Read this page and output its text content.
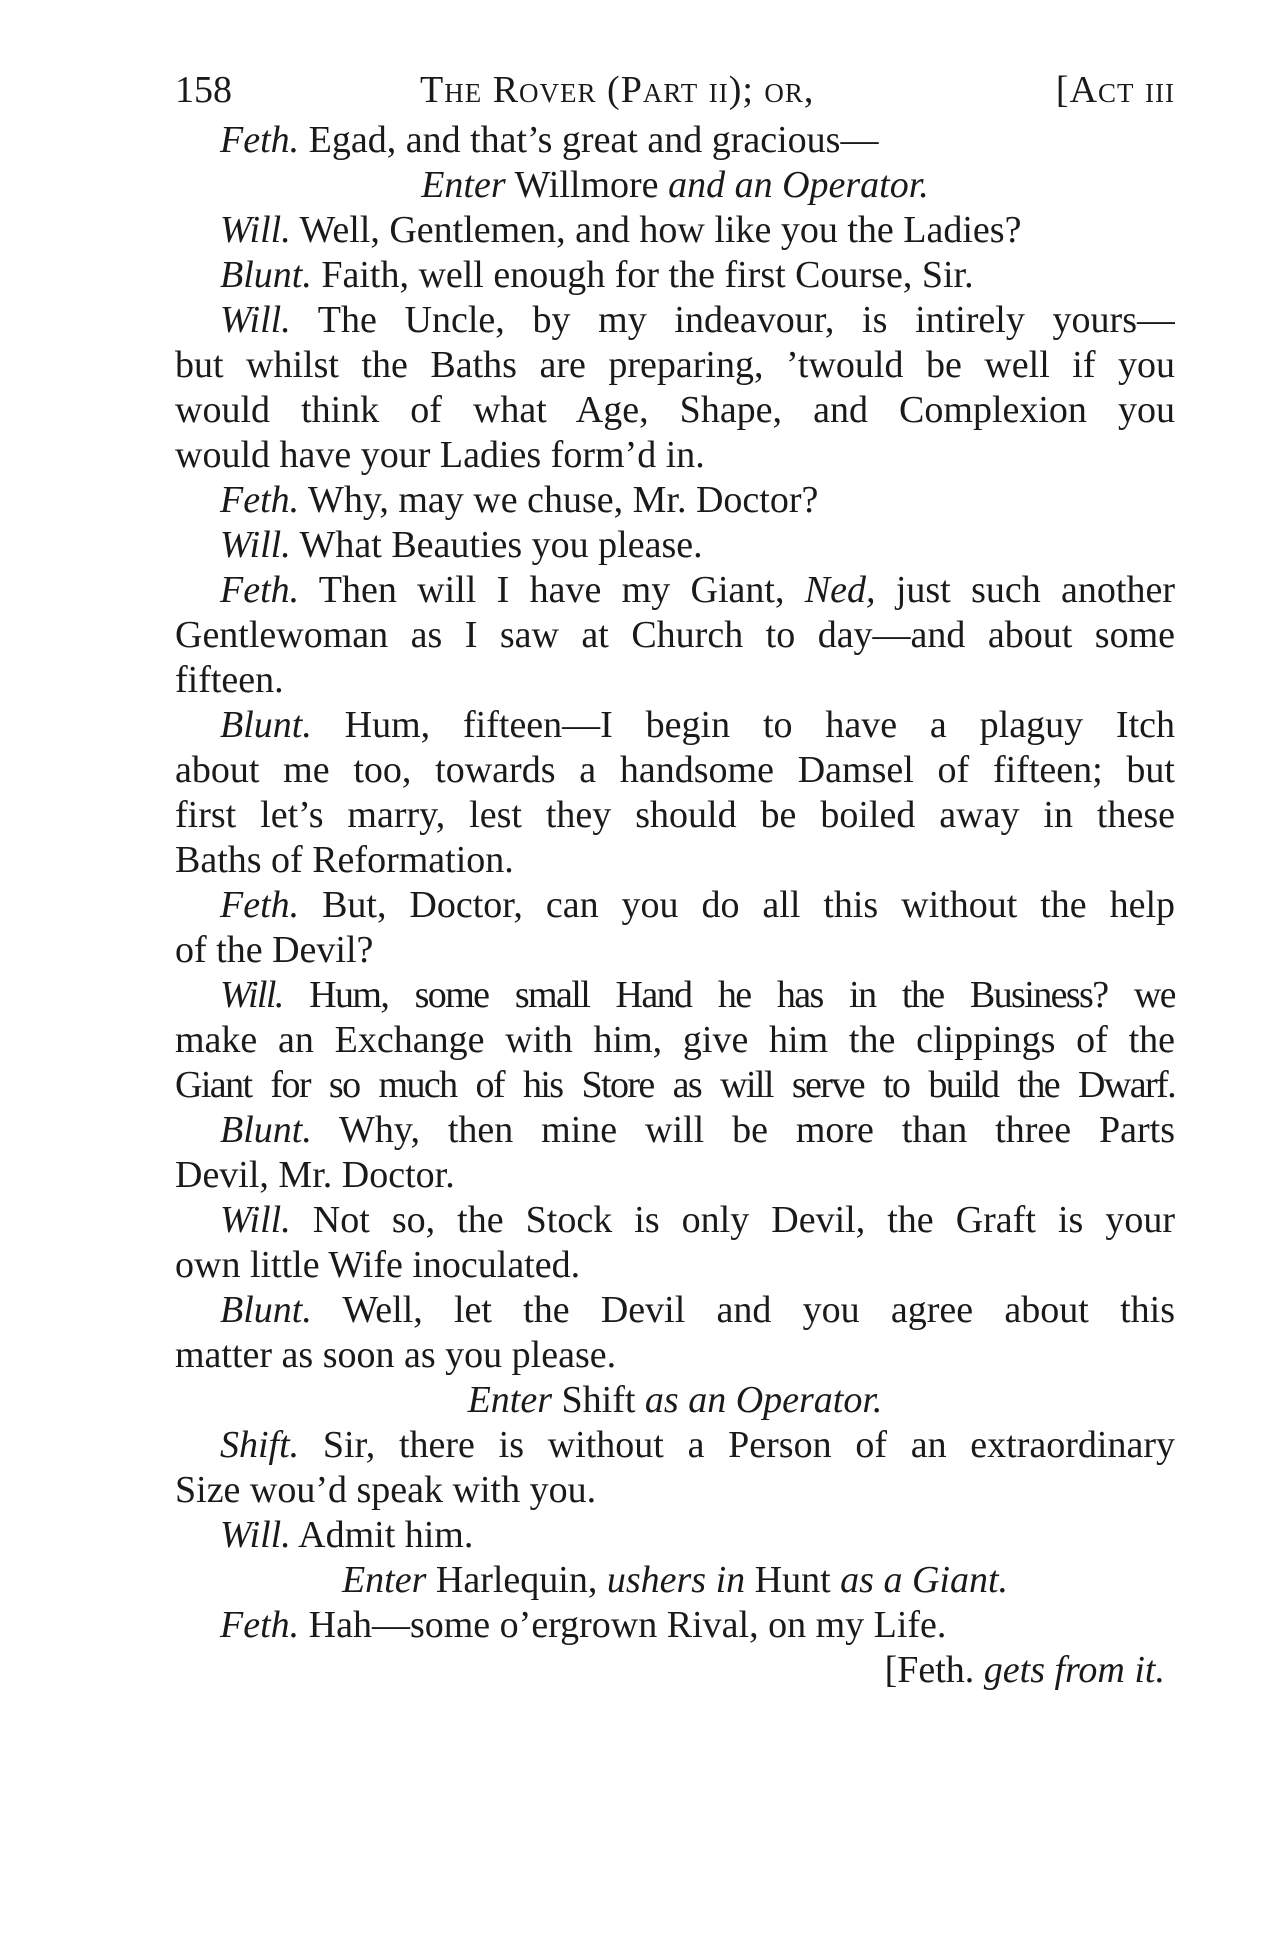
158	The Rover (Part ii); or,	[Act iii
Feth. Egad, and that’s great and gracious—
Enter Willmore and an Operator.
Will. Well, Gentlemen, and how like you the Ladies?
Blunt. Faith, well enough for the first Course, Sir.
Will. The Uncle, by my indeavour, is intirely yours—
but whilst the Baths are preparing, ’twould be well if you
would think of what Age, Shape, and Complexion you
would have your Ladies form’d in.
Feth. Why, may we chuse, Mr. Doctor?
Will. What Beauties you please.
Feth. Then will I have my Giant, Ned, just such another
Gentlewoman as I saw at Church to day—and about some
fifteen.
Blunt. Hum, fifteen—I begin to have a plaguy Itch
about me too, towards a handsome Damsel of fifteen; but
first let’s marry, lest they should be boiled away in these
Baths of Reformation.
Feth. But, Doctor, can you do all this without the help
of the Devil?
Will. Hum, some small Hand he has in the Business? we
make an Exchange with him, give him the clippings of the
Giant for so much of his Store as will serve to build the Dwarf.
Blunt. Why, then mine will be more than three Parts
Devil, Mr. Doctor.
Will. Not so, the Stock is only Devil, the Graft is your
own little Wife inoculated.
Blunt. Well, let the Devil and you agree about this
matter as soon as you please.
Enter Shift as an Operator.
Shift. Sir, there is without a Person of an extraordinary
Size wou’d speak with you.
Will. Admit him.
Enter Harlequin, ushers in Hunt as a Giant.
Feth. Hah—some o’ergrown Rival, on my Life.
[Feth. gets from it.
